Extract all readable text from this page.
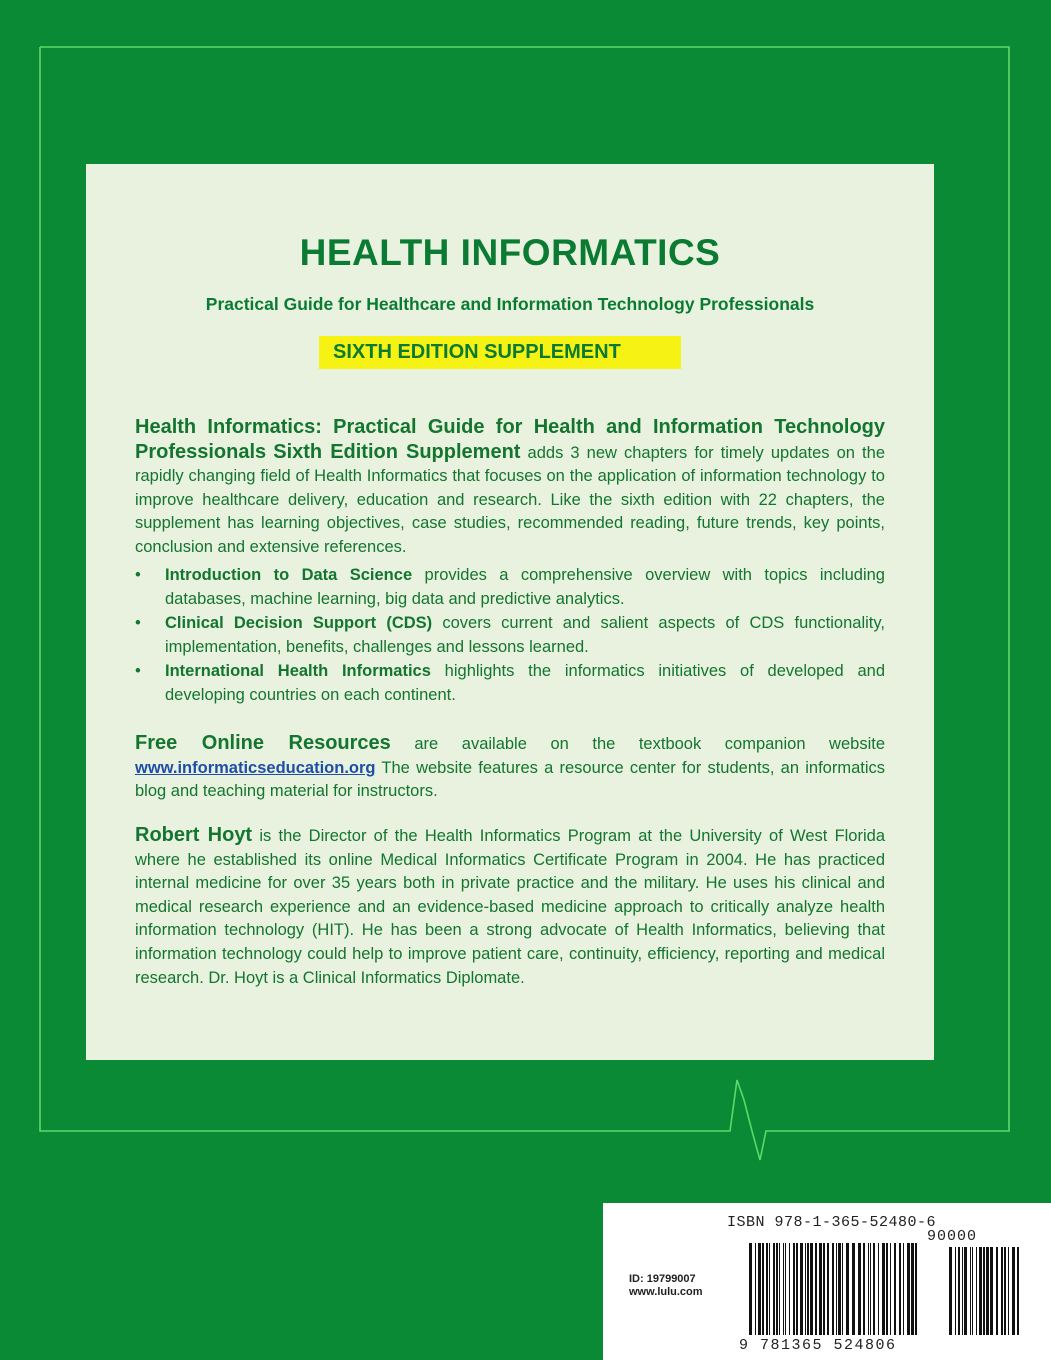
HEALTH INFORMATICS
Practical Guide for Healthcare and Information Technology Professionals
SIXTH EDITION SUPPLEMENT
Health Informatics: Practical Guide for Health and Information Technology Professionals Sixth Edition Supplement adds 3 new chapters for timely updates on the rapidly changing field of Health Informatics that focuses on the application of information technology to improve healthcare delivery, education and research. Like the sixth edition with 22 chapters, the supplement has learning objectives, case studies, recommended reading, future trends, key points, conclusion and extensive references.
• Introduction to Data Science provides a comprehensive overview with topics including databases, machine learning, big data and predictive analytics.
• Clinical Decision Support (CDS) covers current and salient aspects of CDS functionality, implementation, benefits, challenges and lessons learned.
• International Health Informatics highlights the informatics initiatives of developed and developing countries on each continent.
Free Online Resources are available on the textbook companion website www.informaticseducation.org The website features a resource center for students, an informatics blog and teaching material for instructors.
Robert Hoyt is the Director of the Health Informatics Program at the University of West Florida where he established its online Medical Informatics Certificate Program in 2004. He has practiced internal medicine for over 35 years both in private practice and the military. He uses his clinical and medical research experience and an evidence-based medicine approach to critically analyze health information technology (HIT). He has been a strong advocate of Health Informatics, believing that information technology could help to improve patient care, continuity, efficiency, reporting and medical research. Dr. Hoyt is a Clinical Informatics Diplomate.
ISBN 978-1-365-52480-6
90000
ID: 19799007
www.lulu.com
9 781365 524806
